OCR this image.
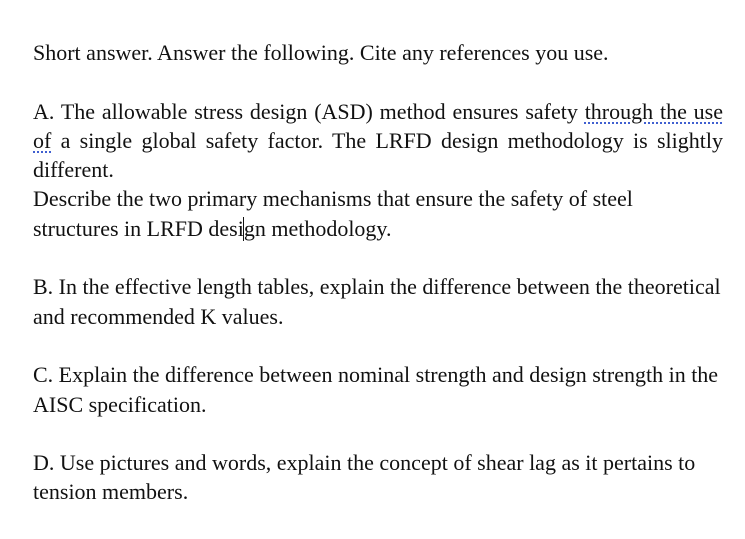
Short answer. Answer the following. Cite any references you use.

A. The allowable stress design (ASD) method ensures safety through the use of a single global safety factor. The LRFD design methodology is slightly different.

Describe the two primary mechanisms that ensure the safety of steel structures in LRFD design methodology.

B. In the effective length tables, explain the difference between the theoretical and recommended K values.

C. Explain the difference between nominal strength and design strength in the AISC specification.

D. Use pictures and words, explain the concept of shear lag as it pertains to tension members.
